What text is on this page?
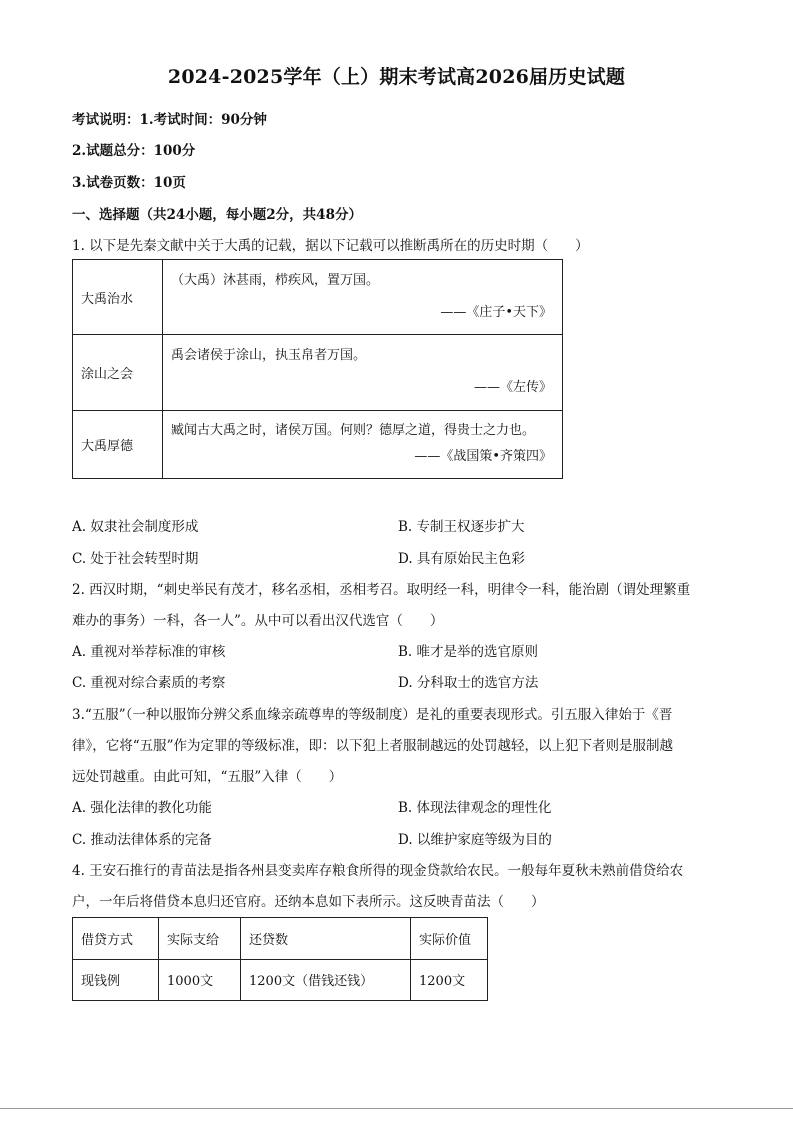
2024-2025学年（上）期末考试高2026届历史试题
考试说明：1.考试时间：90分钟
2.试题总分：100分
3.试卷页数：10页
一、选择题（共24小题，每小题2分，共48分）
1. 以下是先秦文献中关于大禹的记载，据以下记载可以推断禹所在的历史时期（　　）
大禹治水	（大禹）沐甚雨，栉疾风，置万国。
——《庄子•天下》

涂山之会	禹会诸侯于涂山，执玉帛者万国。
——《左传》

大禹厚德	臧闻古大禹之时，诸侯万国。何则？德厚之道，得贵士之力也。
——《战国策•齐策四》
A. 奴隶社会制度形成	B. 专制王权逐步扩大
C. 处于社会转型时期	D. 具有原始民主色彩
2. 西汉时期，“刺史举民有茂才，移名丞相，丞相考召。取明经一科，明律令一科，能治剧（谓处理繁重
难办的事务）一科，各一人”。从中可以看出汉代选官（　　）
A. 重视对举荐标准的审核	B. 唯才是举的选官原则
C. 重视对综合素质的考察	D. 分科取士的选官方法
3.“五服”（一种以服饰分辨父系血缘亲疏尊卑的等级制度）是礼的重要表现形式。引五服入律始于《晋
律》，它将“五服”作为定罪的等级标准，即：以下犯上者服制越远的处罚越轻，以上犯下者则是服制越
远处罚越重。由此可知，“五服”入律（　　）
A. 强化法律的教化功能	B. 体现法律观念的理性化
C. 推动法律体系的完备	D. 以维护家庭等级为目的
4. 王安石推行的青苗法是指各州县变卖库存粮食所得的现金贷款给农民。一般每年夏秋未熟前借贷给农
户，一年后将借贷本息归还官府。还纳本息如下表所示。这反映青苗法（　　）
借贷方式	实际支给	还贷数	实际价值
现钱例	1000文	1200文（借钱还钱）	1200文
